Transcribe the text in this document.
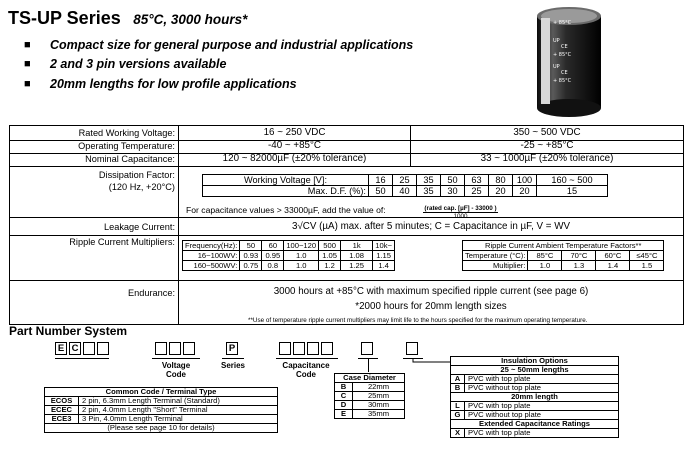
TS-UP Series 85°C, 3000 hours*
■ Compact size for general purpose and industrial applications
■ 2 and 3 pin versions available
■ 20mm lengths for low profile applications
+ 85°C
UP
CE
+ 85°C
UP
CE
+ 85°C
Rated Working Voltage:	16 ~ 250 VDC	350 ~ 500 VDC
Operating Temperature:	-40 ~ +85°C	-25 ~ +85°C
Nominal Capacitance:	120 ~ 82000µF (±20% tolerance)	33 ~ 1000µF (±20% tolerance)
Dissipation Factor:
(120 Hz, +20°C)
Working Voltage [V]:	16	25	35	50	63	80	100	160 ~ 500
Max. D.F. (%):	50	40	35	30	25	20	20	15
For capacitance values > 33000µF, add the value of:	(rated cap. [µF] - 33000 )
1000
Leakage Current:	3√CV (µA) max. after 5 minutes; C = Capacitance in µF, V = WV
Ripple Current Multipliers: Frequency(Hz):	50	60	100~120	500	1k	10k~
16~100WV:	0.93	0.95	1.0	1.05	1.08	1.15
160~500WV:	0.75	0.8	1.0	1.2	1.25	1.4
Ripple Current Ambient Temperature Factors**				
Temperature (°C):	85°C	70°C	60°C	≤45°C
Multiplier:	1.0	1.3	1.4	1.5
Endurance:	3000 hours at +85°C with maximum specified ripple current (see page 6)
*2000 hours for 20mm length sizes
**Use of temperature ripple current multipliers may limit life to the hours specified for the maximum operating temperature.
Part Number System
E C
Voltage
Code
P
Series	Capacitance
Code
Common Code / Terminal Type	
ECOS	2 pin, 6.3mm Length Terminal (Standard)
ECEC	2 pin, 4.0mm Length "Short" Terminal
ECE3	3 Pin, 4.0mm Length Terminal
(Please see page 10 for details)	
Case Diameter	
B	22mm
C	25mm
D	30mm
E	35mm
Insulation Options	
25 ~ 50mm lengths	
A	PVC with top plate
B	PVC without top plate
20mm length	
L	PVC with top plate
G	PVC without top plate
Extended Capacitance Ratings	
X	PVC with top plate
